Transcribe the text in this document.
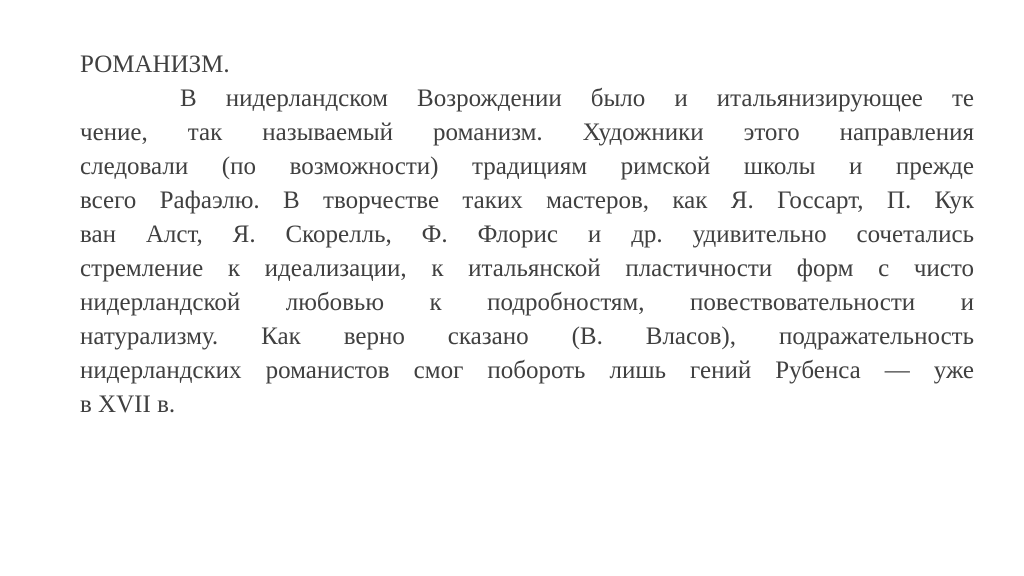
РОМАНИЗМ.
В нидерландском Возрождении было и итальянизирующее те
чение, так называемый романизм. Художники этого направления
следовали (по возможности) традициям римской школы и прежде
всего Рафаэлю. В творчестве таких мастеров, как Я. Госсарт, П. Кук
ван Алст, Я. Скорелль, Ф. Флорис и др. удивительно сочетались
стремление к идеализации, к итальянской пластичности форм с чисто
нидерландской любовью к подробностям, повествовательности и
натурализму. Как верно сказано (В. Власов), подражательность
нидерландских романистов смог побороть лишь гений Рубенса — уже
в XVII в.
